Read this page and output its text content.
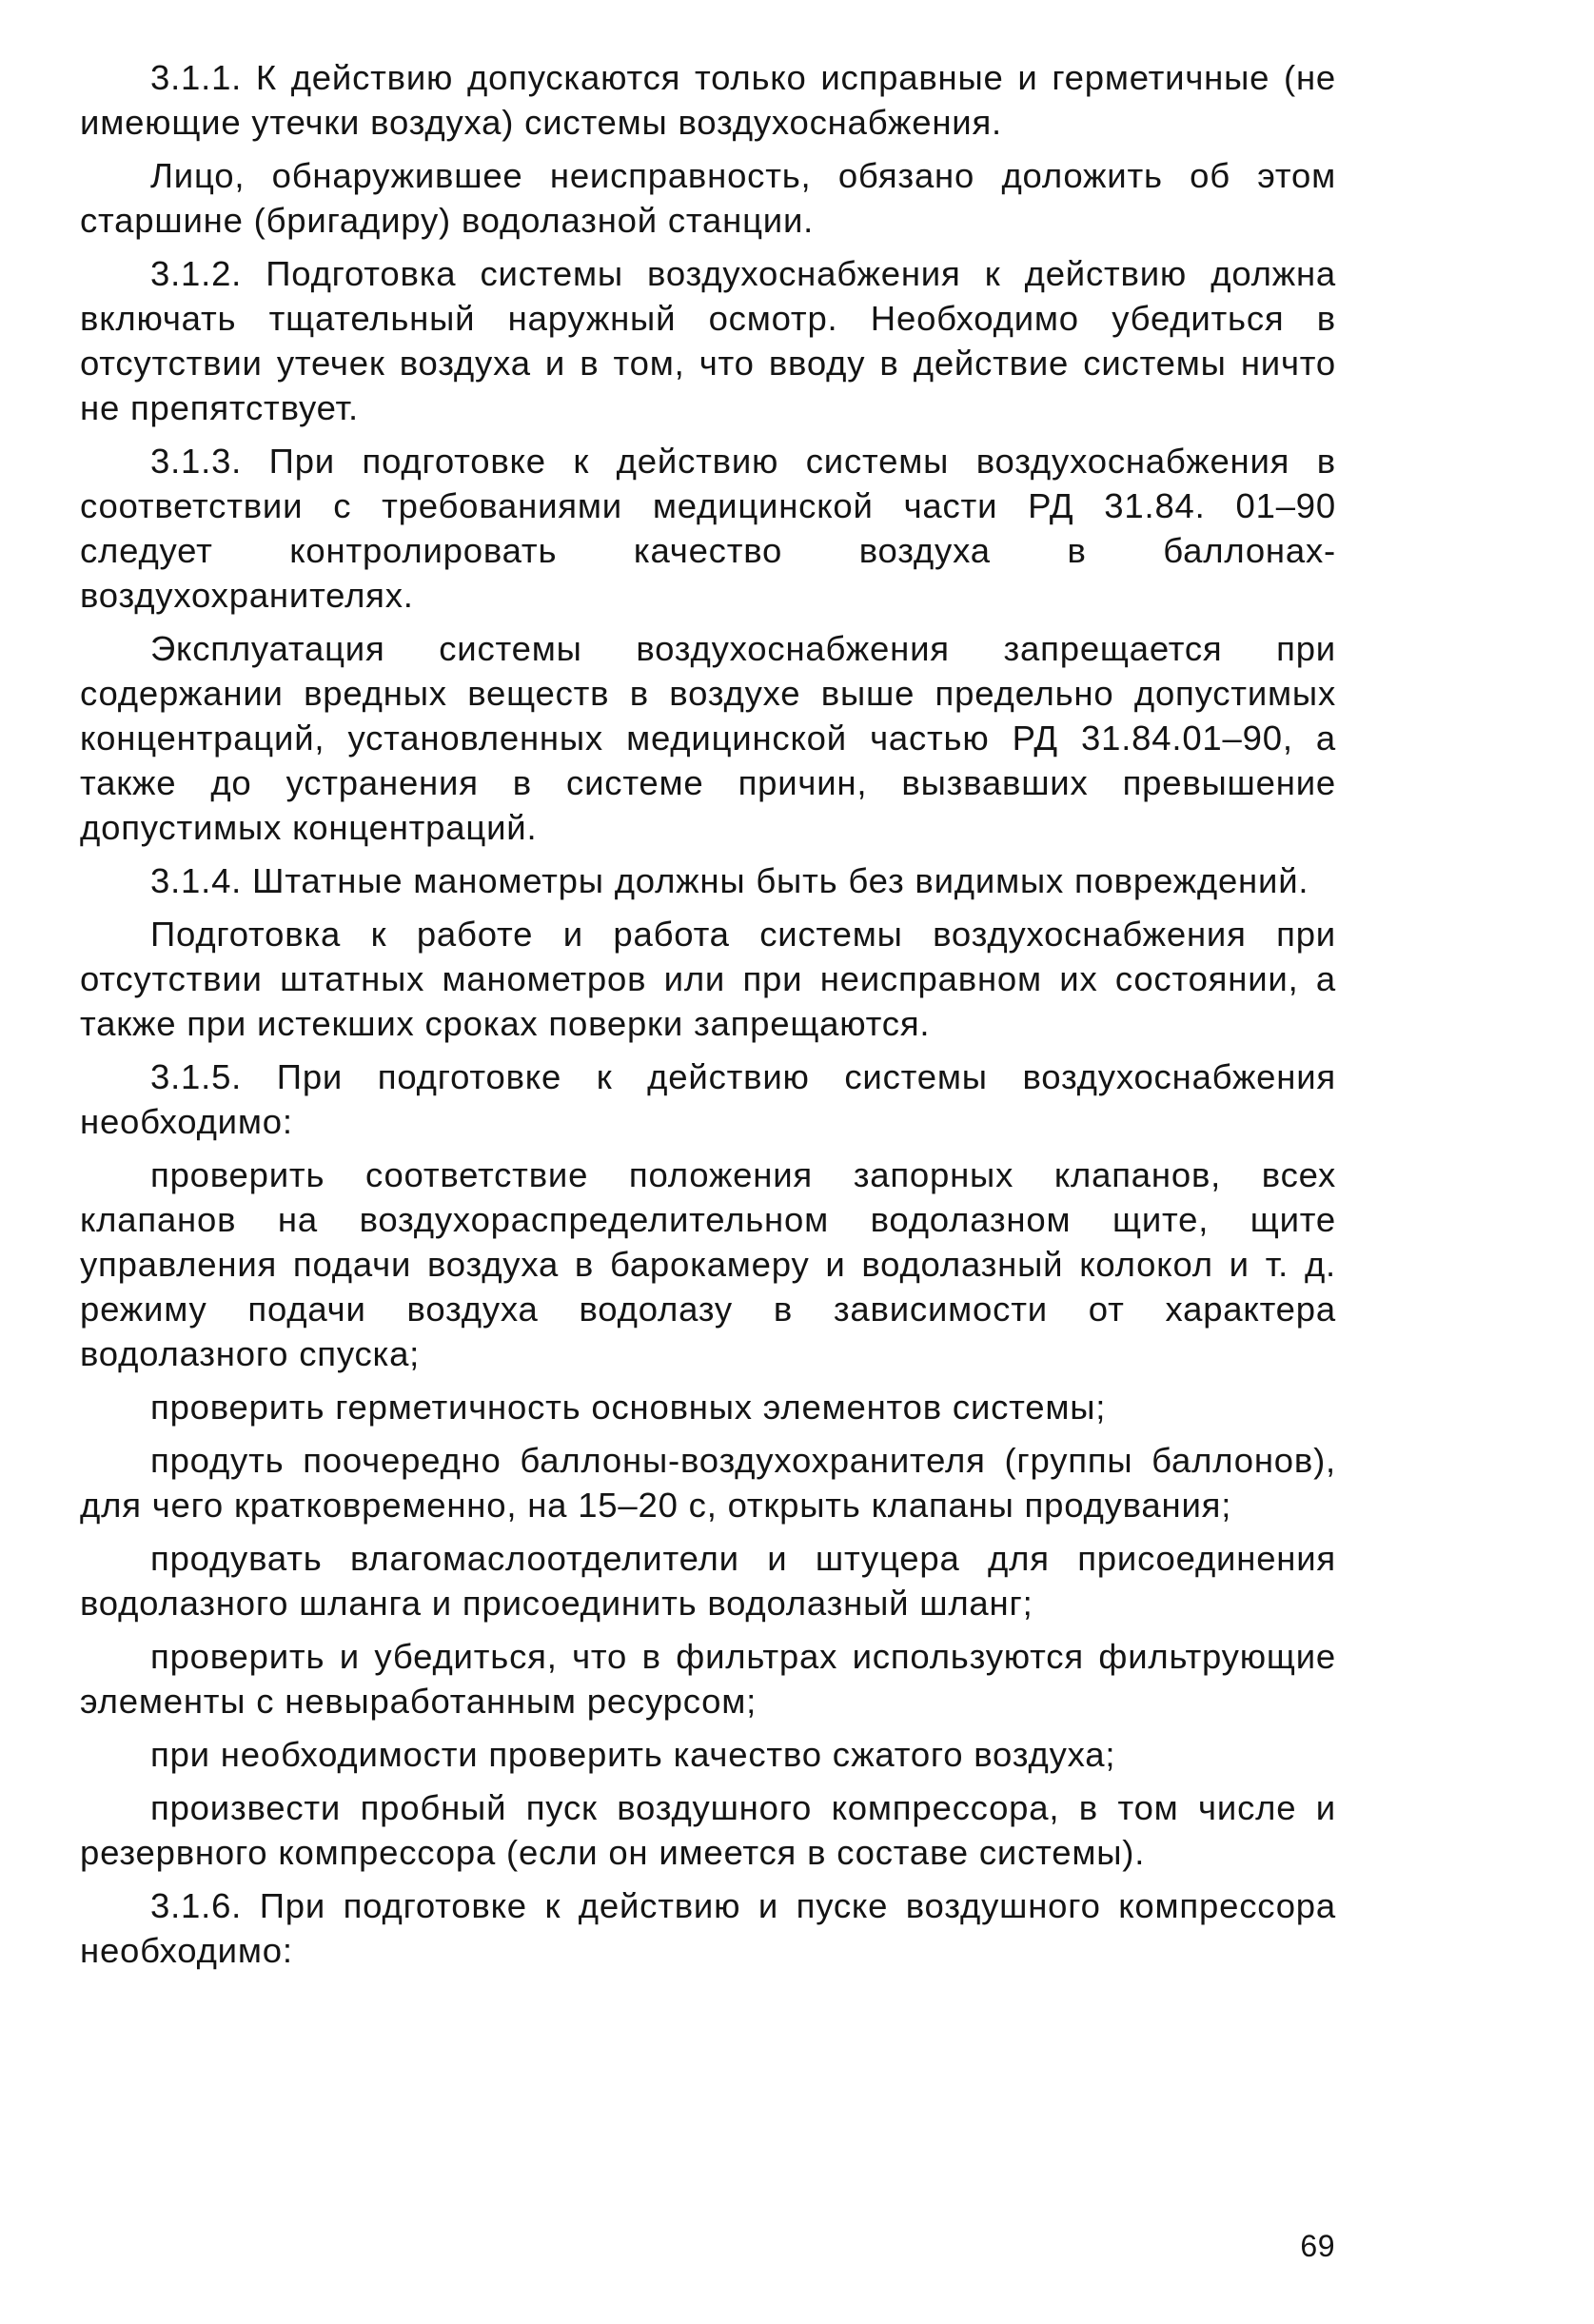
3.1.1. К действию допускаются только исправные и герметичные (не имеющие утечки воздуха) системы воздухоснабжения.

Лицо, обнаружившее неисправность, обязано доложить об этом старшине (бригадиру) водолазной станции.

3.1.2. Подготовка системы воздухоснабжения к действию должна включать тщательный наружный осмотр. Необходимо убедиться в отсутствии утечек воздуха и в том, что вводу в действие системы ничто не препятствует.

3.1.3. При подготовке к действию системы воздухоснабжения в соответствии с требованиями медицинской части РД 31.84. 01–90 следует контролировать качество воздуха в баллонах-воздухохранителях.

Эксплуатация системы воздухоснабжения запрещается при содержании вредных веществ в воздухе выше предельно допустимых концентраций, установленных медицинской частью РД 31.84.01–90, а также до устранения в системе причин, вызвавших превышение допустимых концентраций.

3.1.4. Штатные манометры должны быть без видимых повреждений.

Подготовка к работе и работа системы воздухоснабжения при отсутствии штатных манометров или при неисправном их состоянии, а также при истекших сроках поверки запрещаются.

3.1.5. При подготовке к действию системы воздухоснабжения необходимо:

проверить соответствие положения запорных клапанов, всех клапанов на воздухораспределительном водолазном щите, щите управления подачи воздуха в барокамеру и водолазный колокол и т. д. режиму подачи воздуха водолазу в зависимости от характера водолазного спуска;

проверить герметичность основных элементов системы;

продуть поочередно баллоны-воздухохранителя (группы баллонов), для чего кратковременно, на 15–20 с, открыть клапаны продувания;

продувать влагомаслоотделители и штуцера для присоединения водолазного шланга и присоединить водолазный шланг;

проверить и убедиться, что в фильтрах используются фильтрующие элементы с невыработанным ресурсом;

при необходимости проверить качество сжатого воздуха;

произвести пробный пуск воздушного компрессора, в том числе и резервного компрессора (если он имеется в составе системы).

3.1.6. При подготовке к действию и пуске воздушного компрессора необходимо:

69
